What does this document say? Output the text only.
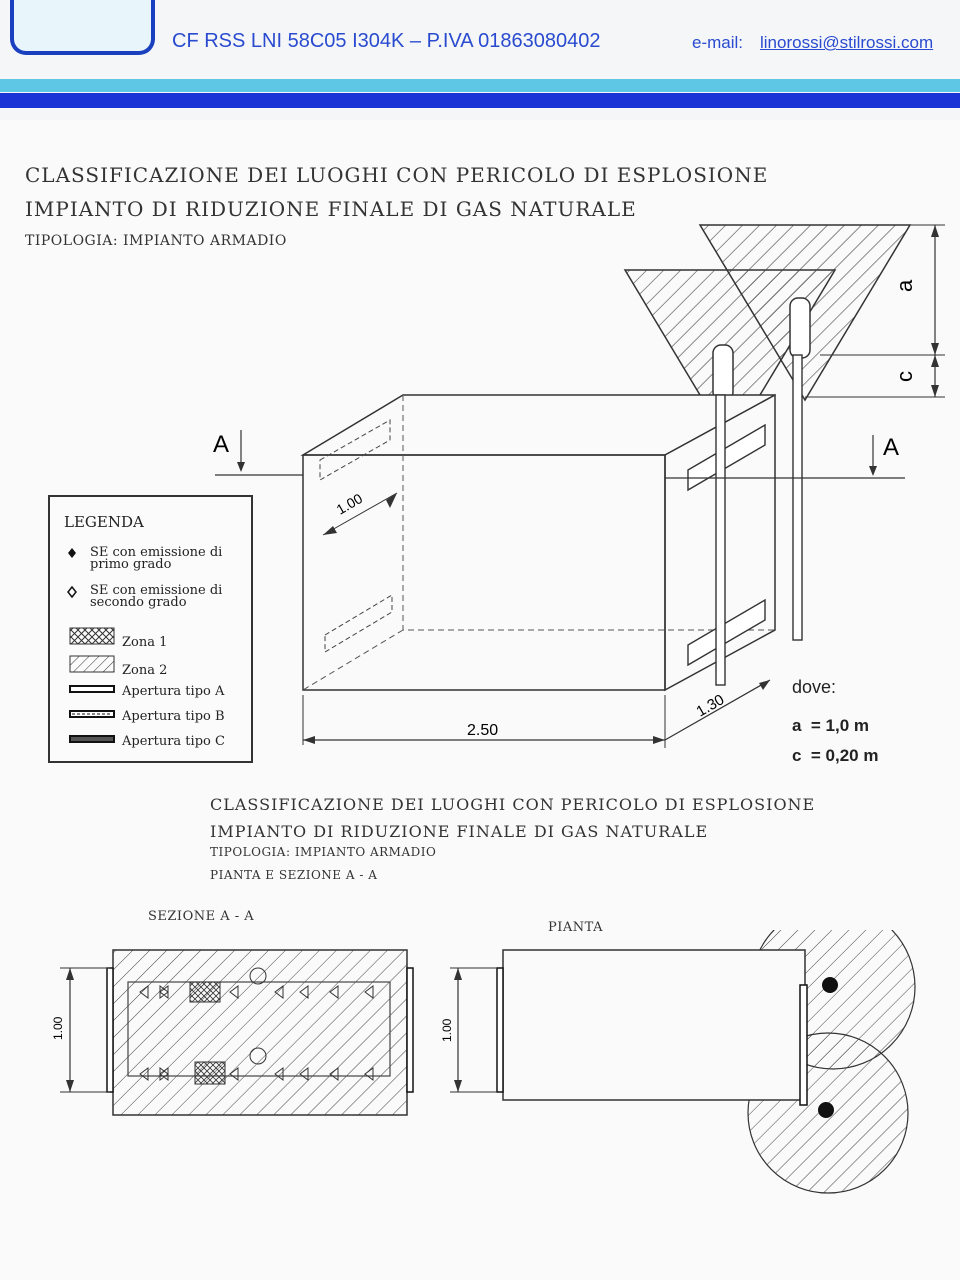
CF RSS LNI 58C05 I304K – P.IVA 01863080402	e-mail: linorossi@stilrossi.com
CLASSIFICAZIONE DEI LUOGHI CON PERICOLO DI ESPLOSIONE
IMPIANTO DI RIDUZIONE FINALE DI GAS NATURALE
TIPOLOGIA: IMPIANTO ARMADIO
a
c
A	A
1.00
2.50
1.30
LEGENDA
SE con emissione di
primo grado
SE con emissione di
secondo grado
Zona 1
Zona 2
Apertura tipo A
Apertura tipo B
Apertura tipo C
dove:
a  = 1,0 m
c  = 0,20 m
CLASSIFICAZIONE DEI LUOGHI CON PERICOLO DI ESPLOSIONE
IMPIANTO DI RIDUZIONE FINALE DI GAS NATURALE
TIPOLOGIA: IMPIANTO ARMADIO
PIANTA E SEZIONE A - A
SEZIONE A - A
PIANTA
1.00	1.00
